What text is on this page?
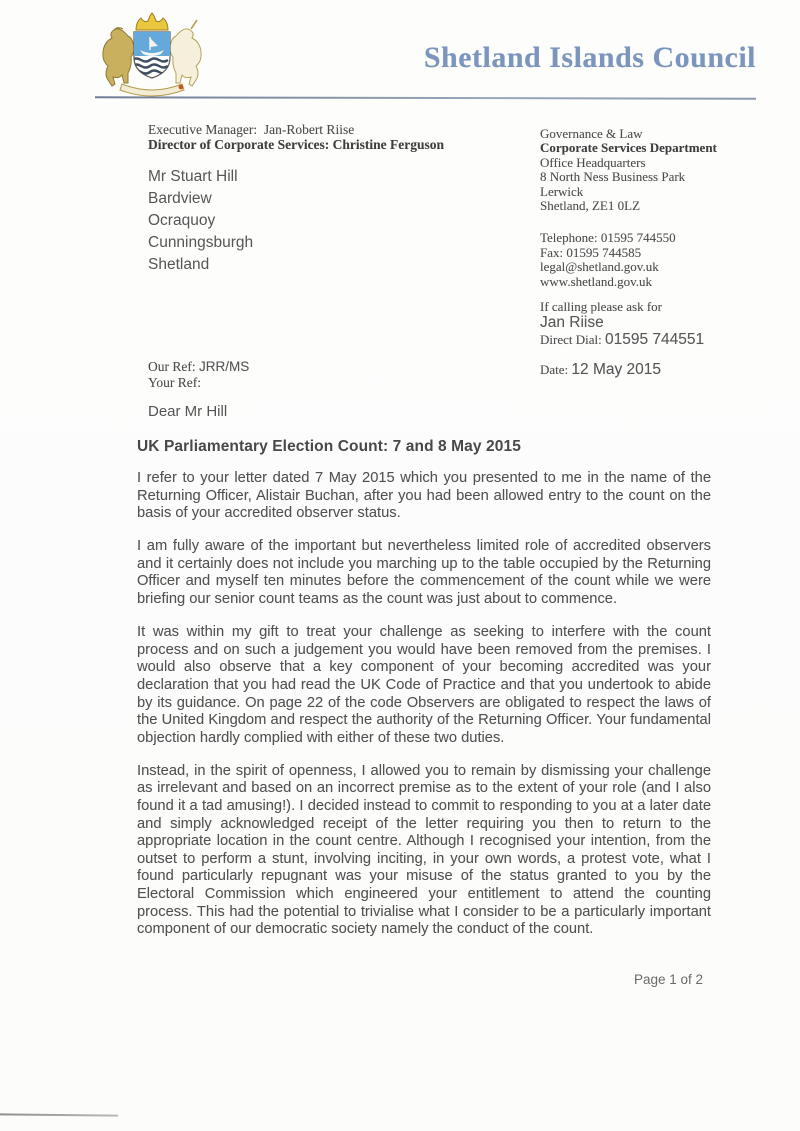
Shetland Islands Council
Executive Manager: Jan-Robert Riise
Director of Corporate Services: Christine Ferguson
Mr Stuart Hill
Bardview
Ocraquoy
Cunningsburgh
Shetland
Governance & Law
Corporate Services Department
Office Headquarters
8 North Ness Business Park
Lerwick
Shetland, ZE1 0LZ
Telephone: 01595 744550
Fax: 01595 744585
legal@shetland.gov.uk
www.shetland.gov.uk
If calling please ask for
Jan Riise
Direct Dial: 01595 744551
Date: 12 May 2015
Our Ref: JRR/MS
Your Ref:
Dear Mr Hill
UK Parliamentary Election Count: 7 and 8 May 2015

I refer to your letter dated 7 May 2015 which you presented to me in the name of the Returning Officer, Alistair Buchan, after you had been allowed entry to the count on the basis of your accredited observer status.

I am fully aware of the important but nevertheless limited role of accredited observers and it certainly does not include you marching up to the table occupied by the Returning Officer and myself ten minutes before the commencement of the count while we were briefing our senior count teams as the count was just about to commence.

It was within my gift to treat your challenge as seeking to interfere with the count process and on such a judgement you would have been removed from the premises. I would also observe that a key component of your becoming accredited was your declaration that you had read the UK Code of Practice and that you undertook to abide by its guidance. On page 22 of the code Observers are obligated to respect the laws of the United Kingdom and respect the authority of the Returning Officer. Your fundamental objection hardly complied with either of these two duties.

Instead, in the spirit of openness, I allowed you to remain by dismissing your challenge as irrelevant and based on an incorrect premise as to the extent of your role (and I also found it a tad amusing!). I decided instead to commit to responding to you at a later date and simply acknowledged receipt of the letter requiring you then to return to the appropriate location in the count centre. Although I recognised your intention, from the outset to perform a stunt, involving inciting, in your own words, a protest vote, what I found particularly repugnant was your misuse of the status granted to you by the Electoral Commission which engineered your entitlement to attend the counting process. This had the potential to trivialise what I consider to be a particularly important component of our democratic society namely the conduct of the count.

Page 1 of 2
